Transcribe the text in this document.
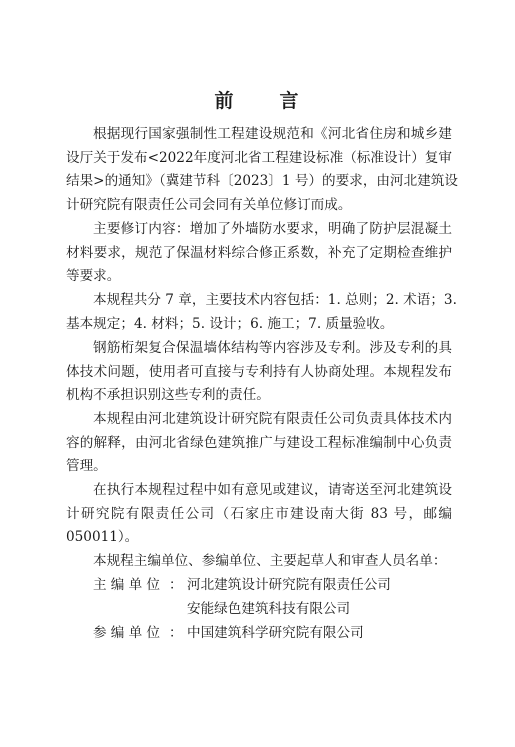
前 言
根据现行国家强制性工程建设规范和《河北省住房和城乡建
设厅关于发布<2022年度河北省工程建设标准（标准设计）复审
结果>的通知》（冀建节科〔2023〕1 号）的要求，由河北建筑设
计研究院有限责任公司会同有关单位修订而成。
主要修订内容：增加了外墙防水要求，明确了防护层混凝土
材料要求，规范了保温材料综合修正系数，补充了定期检查维护
等要求。
本规程共分 7 章，主要技术内容包括：1. 总则；2. 术语；3.
基本规定；4. 材料；5. 设计；6. 施工；7. 质量验收。
钢筋桁架复合保温墙体结构等内容涉及专利。涉及专利的具
体技术问题，使用者可直接与专利持有人协商处理。本规程发布
机构不承担识别这些专利的责任。
本规程由河北建筑设计研究院有限责任公司负责具体技术内
容的解释，由河北省绿色建筑推广与建设工程标准编制中心负责
管理。
在执行本规程过程中如有意见或建议，请寄送至河北建筑设
计研究院有限责任公司（石家庄市建设南大街 83 号，邮编
050011）。
本规程主编单位、参编单位、主要起草人和审查人员名单：
主编单位 ： 河北建筑设计研究院有限责任公司
安能绿色建筑科技有限公司
参编单位 ： 中国建筑科学研究院有限公司
